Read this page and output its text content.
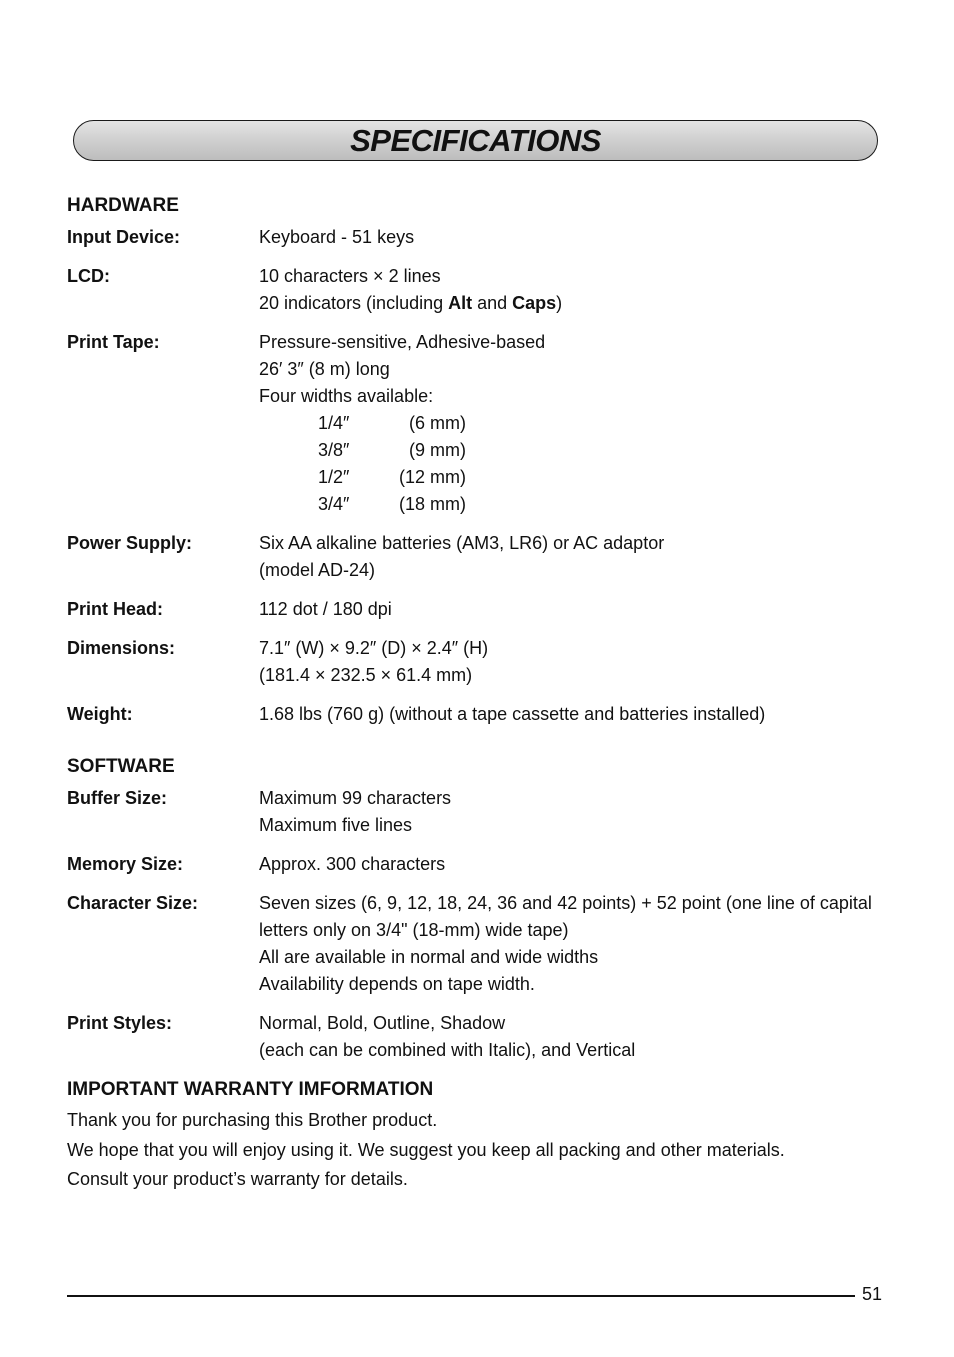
SPECIFICATIONS
HARDWARE
Input Device:	Keyboard - 51 keys
LCD:	10 characters × 2 lines
20 indicators (including Alt and Caps)
Print Tape:	Pressure-sensitive, Adhesive-based
26′ 3″ (8 m) long
Four widths available:
1/4″	(6 mm)
3/8″	(9 mm)
1/2″	(12 mm)
3/4″	(18 mm)
Power Supply:	Six AA alkaline batteries (AM3, LR6) or AC adaptor
(model AD-24)
Print Head:	112 dot / 180 dpi
Dimensions:	7.1″ (W) × 9.2″ (D) × 2.4″ (H)
(181.4 × 232.5 × 61.4 mm)
Weight:	1.68 lbs (760 g) (without a tape cassette and batteries installed)
SOFTWARE
Buffer Size:	Maximum 99 characters
Maximum five lines
Memory Size:	Approx. 300 characters
Character Size:	Seven sizes (6, 9, 12, 18, 24, 36 and 42 points) + 52 point (one line of capital letters only on 3/4" (18-mm) wide tape)
All are available in normal and wide widths
Availability depends on tape width.
Print Styles:	Normal, Bold, Outline, Shadow
(each can be combined with Italic), and Vertical
IMPORTANT WARRANTY IMFORMATION
Thank you for purchasing this Brother product.
We hope that you will enjoy using it. We suggest you keep all packing and other materials.
Consult your product’s warranty for details.
51
